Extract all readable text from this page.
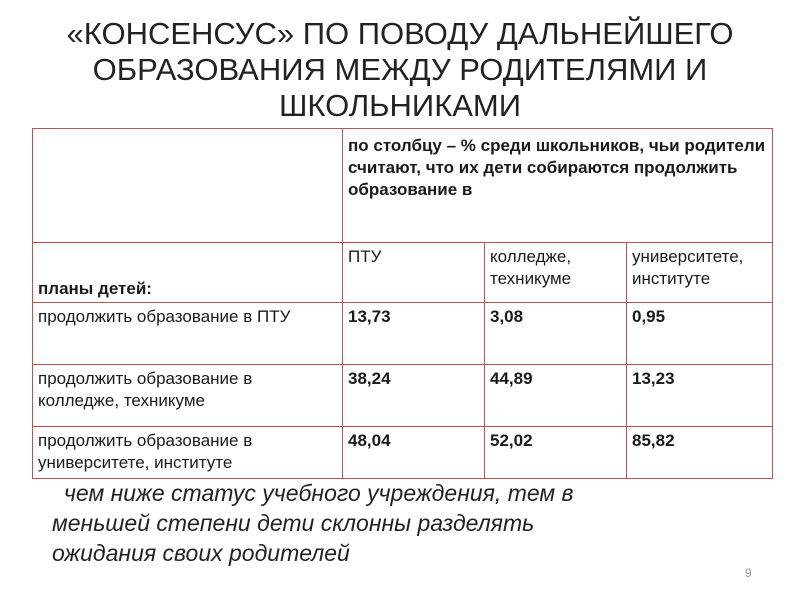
«КОНСЕНСУС» ПО ПОВОДУ ДАЛЬНЕЙШЕГО
ОБРАЗОВАНИЯ МЕЖДУ РОДИТЕЛЯМИ И
ШКОЛЬНИКАМИ
	по столбцу – % среди школьников, чьи родители считают, что их дети собираются продолжить образование в		
планы детей:	ПТУ	колледже, техникуме	университете, институте
продолжить образование в ПТУ	13,73	3,08	0,95
продолжить образование в колледже, техникуме	38,24	44,89	13,23
продолжить образование в университете, институте	48,04	52,02	85,82
чем ниже статус учебного учреждения, тем в
меньшей степени дети склонны разделять
ожидания своих родителей
9
